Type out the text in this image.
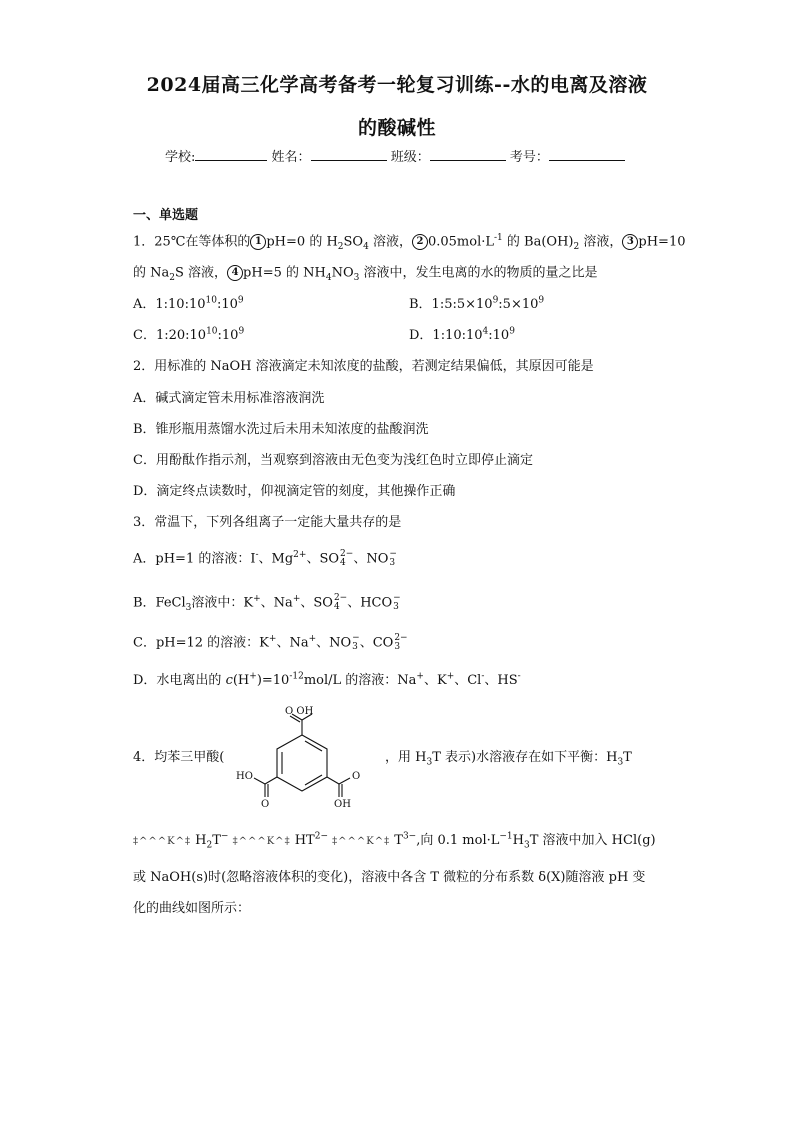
2024届高三化学高考备考一轮复习训练--水的电离及溶液
的酸碱性
学校:	姓名：	班级：	考号：
一、单选题
1．25℃在等体积的 1 pH=0 的 $H_2SO_4$ 溶液， 2 $0.05mol\cdot L^{-1}$ 的 $Ba(OH)_2$ 溶液， 3 pH=10
的 $Na_2S$ 溶液， 4 pH=5 的 $NH_4NO_3$ 溶液中，发生电离的水的物质的量之比是
A．$1:10:10^{10}:10^9$	B．$1:5:5\times 10^9:5\times 10^9$
C．$1:20:10^{10}:10^9$	D．$1:10:10^4:10^9$
2．用标准的 NaOH 溶液滴定未知浓度的盐酸，若测定结果偏低，其原因可能是
A．碱式滴定管未用标准溶液润洗
B．锥形瓶用蒸馏水洗过后未用未知浓度的盐酸润洗
C．用酚酞作指示剂，当观察到溶液由无色变为浅红色时立即停止滴定
D．滴定终点读数时，仰视滴定管的刻度，其他操作正确
3．常温下，下列各组离子一定能大量共存的是
A．pH=1 的溶液：I-、$Mg^{2+}$、SO 2−
4 、NO −
3
B．FeCl$_3$溶液中：K+、Na+、SO 2−
4 、HCO −
3
C．pH=12 的溶液：K+、Na+、NO −
3 、CO 2−
3
D．水电离出的 $c(H^+)=10^{-12}mol/L$ 的溶液：Na+、K+、Cl-、HS-
4．均苯三甲酸(
O OH
HO	O
O	OH
，用 $H_3T$ 表示)水溶液存在如下平衡：$H_3T$
‡^^^K^‡ $H_2T^-$ ‡^^^K^‡ $HT^{2-}$ ‡^^^K^‡ $T^{3-}$,向 0.1 $mol\cdot L^{-1}H_3T$ 溶液中加入 HCl(g)
或 NaOH(s)时(忽略溶液体积的变化)，溶液中各含 T 微粒的分布系数 δ(X)随溶液 pH 变
化的曲线如图所示：
